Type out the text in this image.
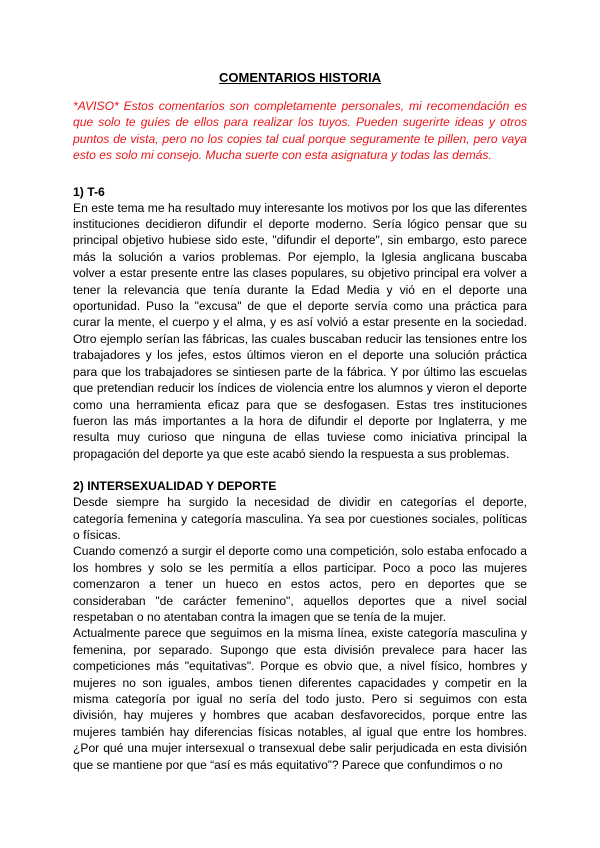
COMENTARIOS HISTORIA
*AVISO* Estos comentarios son completamente personales, mi recomendación es que solo te guíes de ellos para realizar los tuyos. Pueden sugerirte ideas y otros puntos de vista, pero no los copies tal cual porque seguramente te pillen, pero vaya esto es solo mi consejo. Mucha suerte con esta asignatura y todas las demás.
1) T-6

En este tema me ha resultado muy interesante los motivos por los que las diferentes instituciones decidieron difundir el deporte moderno. Sería lógico pensar que su principal objetivo hubiese sido este, "difundir el deporte", sin embargo, esto parece más la solución a varios problemas. Por ejemplo, la Iglesia anglicana buscaba volver a estar presente entre las clases populares, su objetivo principal era volver a tener la relevancia que tenía durante la Edad Media y vió en el deporte una oportunidad. Puso la "excusa" de que el deporte servía como una práctica para curar la mente, el cuerpo y el alma, y es así volvió a estar presente en la sociedad. Otro ejemplo serían las fábricas, las cuales buscaban reducir las tensiones entre los trabajadores y los jefes, estos últimos vieron en el deporte una solución práctica para que los trabajadores se sintiesen parte de la fábrica. Y por último las escuelas que pretendian reducir los índices de violencia entre los alumnos y vieron el deporte como una herramienta eficaz para que se desfogasen. Estas tres instituciones fueron las más importantes a la hora de difundir el deporte por Inglaterra, y me resulta muy curioso que ninguna de ellas tuviese como iniciativa principal la propagación del deporte ya que este acabó siendo la respuesta a sus problemas.

2) INTERSEXUALIDAD Y DEPORTE

Desde siempre ha surgido la necesidad de dividir en categorías el deporte, categoría femenina y categoría masculina. Ya sea por cuestiones sociales, políticas o físicas.

Cuando comenzó a surgir el deporte como una competición, solo estaba enfocado a los hombres y solo se les permitía a ellos participar. Poco a poco las mujeres comenzaron a tener un hueco en estos actos, pero en deportes que se consideraban "de carácter femenino", aquellos deportes que a nivel social respetaban o no atentaban contra la imagen que se tenía de la mujer.

Actualmente parece que seguimos en la misma línea, existe categoría masculina y femenina, por separado. Supongo que esta división prevalece para hacer las competiciones más "equitativas". Porque es obvio que, a nivel físico, hombres y mujeres no son iguales, ambos tienen diferentes capacidades y competir en la misma categoría por igual no sería del todo justo. Pero si seguimos con esta división, hay mujeres y hombres que acaban desfavorecidos, porque entre las mujeres también hay diferencias físicas notables, al igual que entre los hombres. ¿Por qué una mujer intersexual o transexual debe salir perjudicada en esta división que se mantiene por que “así es más equitativo”? Parece que confundimos o no
